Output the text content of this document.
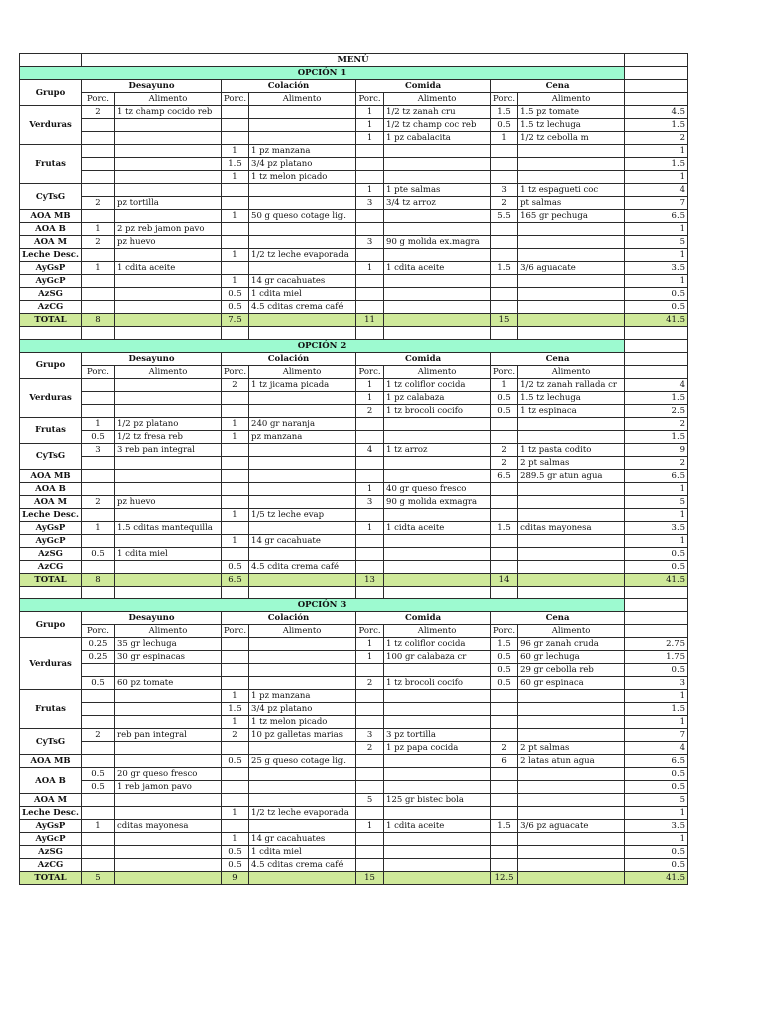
	MENÚ								
OPCIÓN 1									
Grupo	Desayuno		Colación		Comida		Cena		
	Porc.	Alimento	Porc.	Alimento	Porc.	Alimento	Porc.	Alimento	
Verduras	2	1 tz champ cocido reb			1	1/2 tz zanah cru	1.5	1.5 pz tomate	4.5
					1	1/2 tz champ coc reb	0.5	1.5 tz lechuga	1.5
					1	1 pz cabalacita	1	1/2 tz cebolla m	2
Frutas			1	1 pz manzana					1
			1.5	3/4 pz platano					1.5
			1	1 tz melon picado					1
CyTsG					1	1 pte salmas	3	1 tz espagueti coc	4
	2	pz tortilla			3	3/4 tz arroz	2	pt salmas	7
AOA MB			1	50 g queso cotage lig.			5.5	165 gr pechuga	6.5
AOA B	1	2 pz reb jamon pavo							1
AOA M	2	pz huevo			3	90 g molida ex.magra			5
Leche Desc.			1	1/2 tz leche evaporada					1
AyGsP	1	1 cdita aceite			1	1 cdita aceite	1.5	3/6 aguacate	3.5
AyGcP			1	14 gr cacahuates					1
AzSG			0.5	1 cdita miel					0.5
AzCG			0.5	4.5 cditas crema café					0.5
TOTAL	8		7.5		11		15		41.5

OPCIÓN 2									
Grupo	Desayuno		Colación		Comida		Cena		
	Porc.	Alimento	Porc.	Alimento	Porc.	Alimento	Porc.	Alimento	
Verduras			2	1 tz jicama picada	1	1 tz coliflor cocida	1	1/2 tz zanah rallada cr	4
					1	1 pz calabaza	0.5	1.5 tz lechuga	1.5
					2	1 tz brocoli cocifo	0.5	1 tz espinaca	2.5
Frutas	1	1/2 pz platano	1	240 gr naranja					2
	0.5	1/2 tz fresa reb	1	pz manzana					1.5
CyTsG	3	3 reb pan integral			4	1 tz arroz	2	1 tz pasta codito	9
							2	2 pt salmas	2
AOA MB							6.5	289.5 gr atun agua	6.5
AOA B					1	40 gr queso fresco			1
AOA M	2	pz huevo			3	90 g molida exmagra			5
Leche Desc.			1	1/5 tz leche evap					1
AyGsP	1	1.5 cditas mantequilla			1	1 cidta aceite	1.5	cditas mayonesa	3.5
AyGcP			1	14 gr cacahuate					1
AzSG	0.5	1 cdita miel							0.5
AzCG			0.5	4.5 cdita crema café					0.5
TOTAL	8		6.5		13		14		41.5

OPCIÓN 3									
Grupo	Desayuno		Colación		Comida		Cena		
	Porc.	Alimento	Porc.	Alimento	Porc.	Alimento	Porc.	Alimento	
Verduras	0.25	35 gr lechuga			1	1 tz coliflor cocida	1.5	96 gr zanah cruda	2.75
	0.25	30 gr espinacas			1	100 gr calabaza cr	0.5	60 gr lechuga	1.75
							0.5	29 gr cebolla reb	0.5
	0.5	60 pz tomate			2	1 tz brocoli cocifo	0.5	60 gr espinaca	3
Frutas			1	1 pz manzana					1
			1.5	3/4 pz platano					1.5
			1	1 tz melon picado					1
CyTsG	2	reb pan integral	2	10 pz galletas marias	3	3 pz tortilla			7
					2	1 pz papa cocida	2	2 pt salmas	4
AOA MB			0.5	25 g queso cotage lig.			6	2 latas atun agua	6.5
AOA B	0.5	20 gr queso fresco							0.5
	0.5	1 reb jamon pavo							0.5
AOA M					5	125 gr bistec bola			5
Leche Desc.			1	1/2 tz leche evaporada					1
AyGsP	1	cditas mayonesa			1	1 cdita aceite	1.5	3/6 pz aguacate	3.5
AyGcP			1	14 gr cacahuates					1
AzSG			0.5	1 cdita miel					0.5
AzCG			0.5	4.5 cditas crema café					0.5
TOTAL	5		9		15		12.5		41.5
